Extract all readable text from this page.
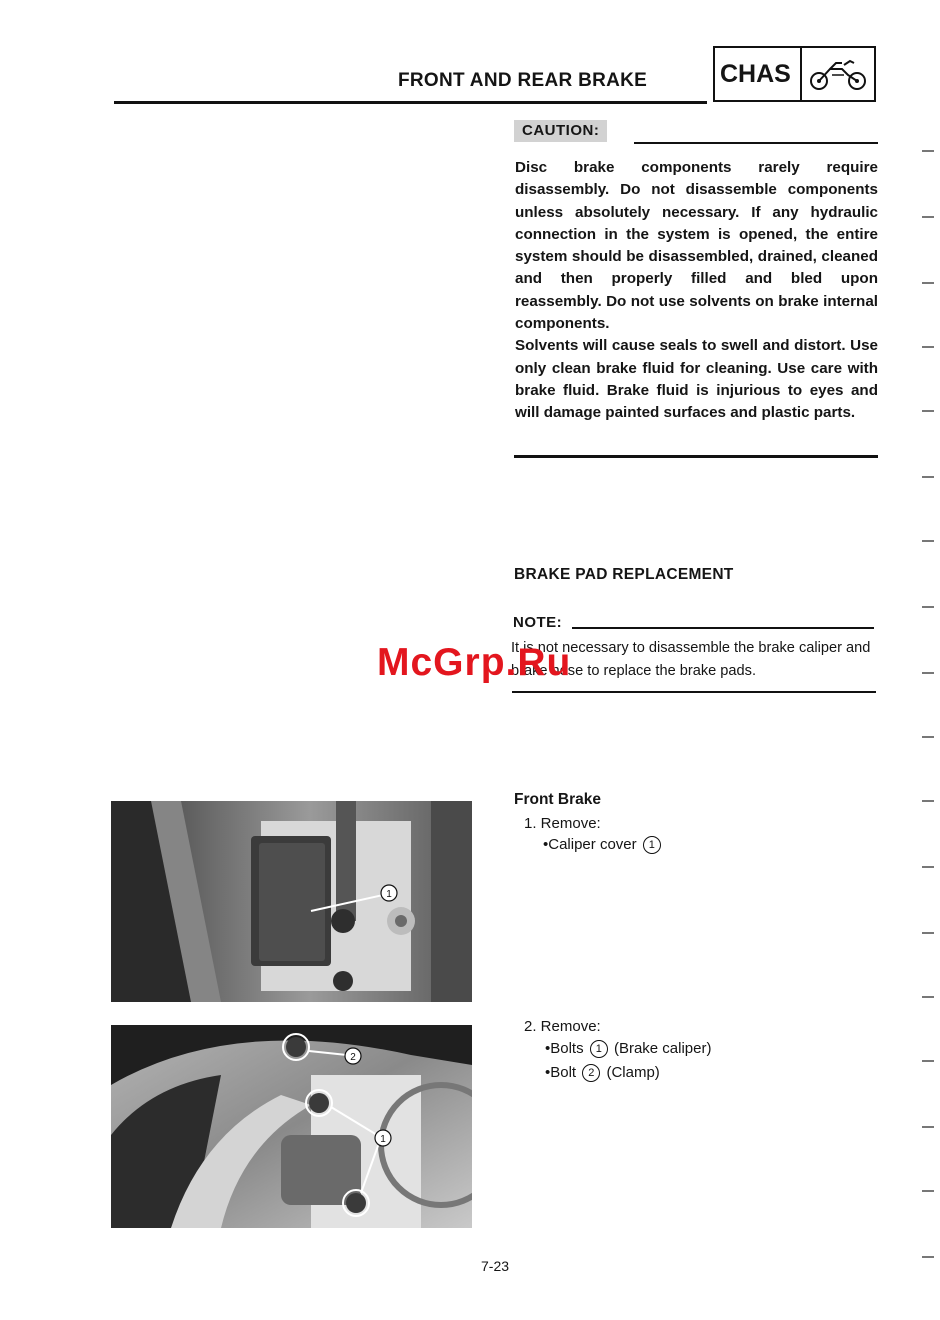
FRONT AND REAR BRAKE	CHAS
CAUTION:

Disc brake components rarely require disassembly. Do not disassemble components unless absolutely necessary. If any hydraulic connection in the system is opened, the entire system should be disassembled, drained, cleaned and then properly filled and bled upon reassembly. Do not use solvents on brake internal components.

Solvents will cause seals to swell and distort. Use only clean brake fluid for cleaning. Use care with brake fluid. Brake fluid is injurious to eyes and will damage painted surfaces and plastic parts.

BRAKE PAD REPLACEMENT
NOTE:

It is not necessary to disassemble the brake caliper and brake hose to replace the brake pads.

McGrp.Ru
Front Brake
1. Remove:
•Caliper cover 1
2. Remove:
•Bolts 1 (Brake caliper)
•Bolt 2 (Clamp)
1
2
1
7-23
